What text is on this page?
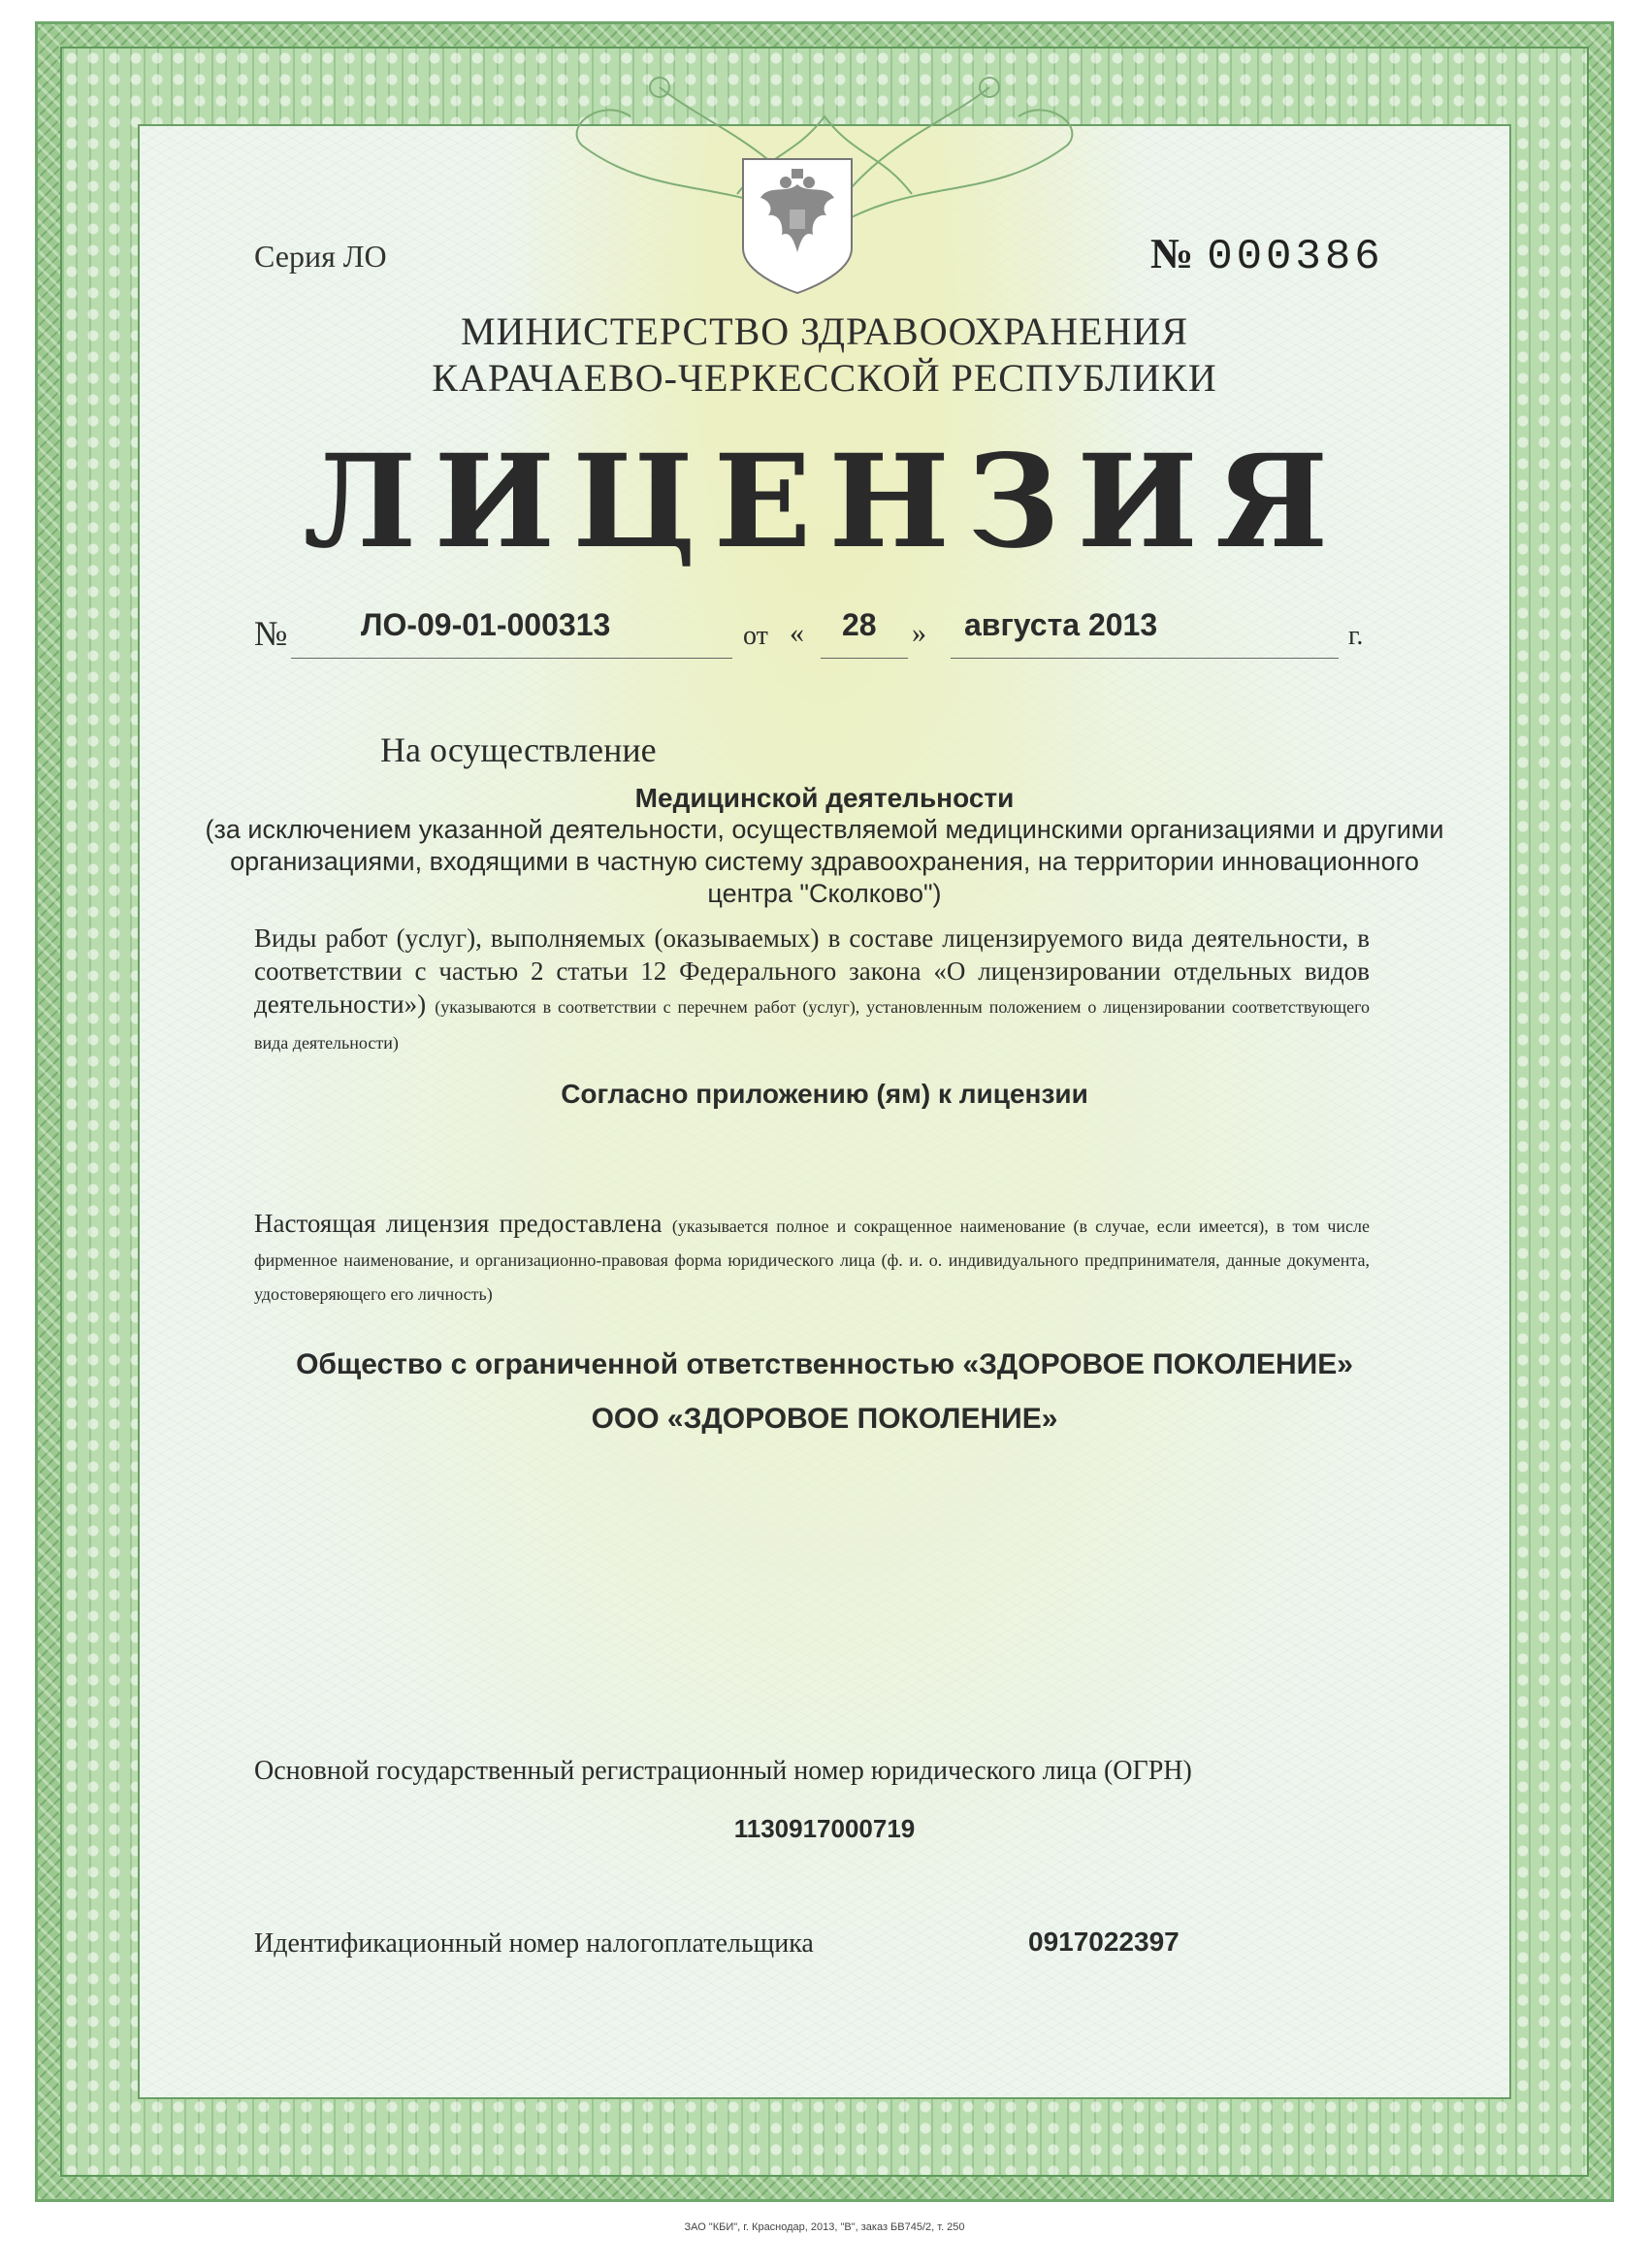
Серия ЛО	№ 000386
МИНИСТЕРСТВО ЗДРАВООХРАНЕНИЯ
КАРАЧАЕВО-ЧЕРКЕССКОЙ РЕСПУБЛИКИ
ЛИЦЕНЗИЯ
№ ЛО-09-01-000313	от « 28 » августа 2013	г.
На осуществление
Медицинской деятельности
(за исключением указанной деятельности, осуществляемой медицинскими организациями и другими организациями, входящими в частную систему здравоохранения, на территории инновационного центра "Сколково")
Виды работ (услуг), выполняемых (оказываемых) в составе лицензируемого вида деятельности, в соответствии с частью 2 статьи 12 Федерального закона «О лицензировании отдельных видов деятельности») (указываются в соответствии с перечнем работ (услуг), установленным положением о лицензировании соответствующего вида деятельности)
Согласно приложению (ям) к лицензии
Настоящая лицензия предоставлена (указывается полное и сокращенное наименование (в случае, если имеется), в том числе фирменное наименование, и организационно-правовая форма юридического лица (ф. и. о. индивидуального предпринимателя, данные документа, удостоверяющего его личность)
Общество с ограниченной ответственностью «ЗДОРОВОЕ ПОКОЛЕНИЕ»
ООО «ЗДОРОВОЕ ПОКОЛЕНИЕ»
Основной государственный регистрационный номер юридического лица (ОГРН)
1130917000719
Идентификационный номер налогоплательщика	0917022397
ЗАО "КБИ", г. Краснодар, 2013, "В", заказ БВ745/2, т. 250
